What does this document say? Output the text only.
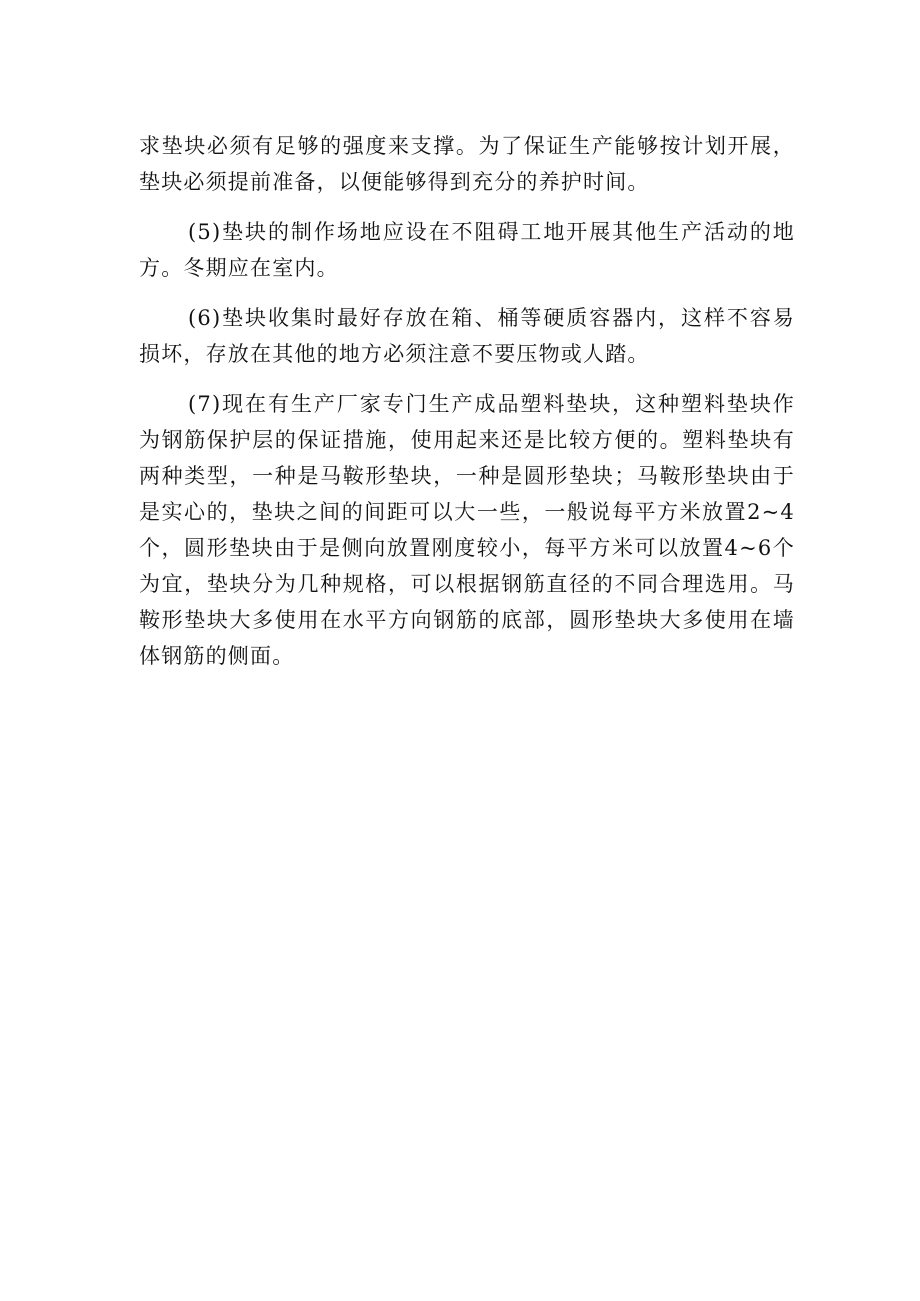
求垫块必须有足够的强度来支撑。为了保证生产能够按计划开展，垫块必须提前准备，以便能够得到充分的养护时间。

(5)垫块的制作场地应设在不阻碍工地开展其他生产活动的地方。冬期应在室内。

(6)垫块收集时最好存放在箱、桶等硬质容器内，这样不容易损坏，存放在其他的地方必须注意不要压物或人踏。

(7)现在有生产厂家专门生产成品塑料垫块，这种塑料垫块作为钢筋保护层的保证措施，使用起来还是比较方便的。塑料垫块有两种类型，一种是马鞍形垫块，一种是圆形垫块；马鞍形垫块由于是实心的，垫块之间的间距可以大一些，一般说每平方米放置2~4个，圆形垫块由于是侧向放置刚度较小，每平方米可以放置4~6个为宜，垫块分为几种规格，可以根据钢筋直径的不同合理选用。马鞍形垫块大多使用在水平方向钢筋的底部，圆形垫块大多使用在墙体钢筋的侧面。
